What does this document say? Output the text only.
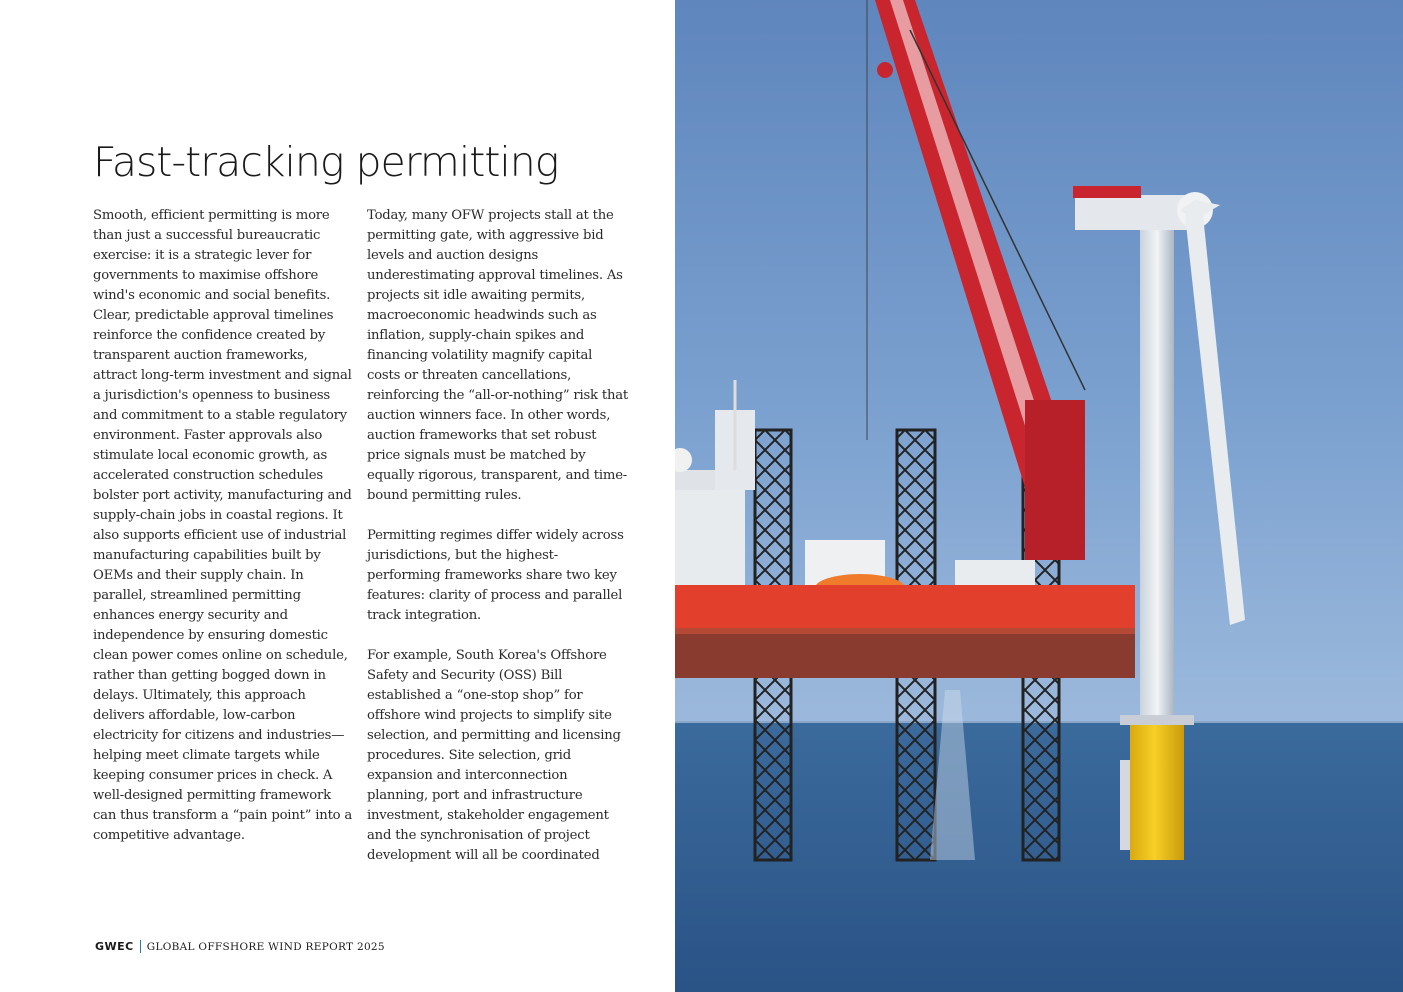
Fast-tracking permitting

Smooth, efficient permitting is more than just a successful bureaucratic exercise: it is a strategic lever for governments to maximise offshore wind's economic and social benefits. Clear, predictable approval timelines reinforce the confidence created by transparent auction frameworks, attract long-term investment and signal a jurisdiction's openness to business and commitment to a stable regulatory environment. Faster approvals also stimulate local economic growth, as accelerated construction schedules bolster port activity, manufacturing and supply-chain jobs in coastal regions. It also supports efficient use of industrial manufacturing capabilities built by OEMs and their supply chain. In parallel, streamlined permitting enhances energy security and independence by ensuring domestic clean power comes online on schedule, rather than getting bogged down in delays. Ultimately, this approach delivers affordable, low-carbon electricity for citizens and industries—helping meet climate targets while keeping consumer prices in check. A well-designed permitting framework can thus transform a “pain point” into a competitive advantage.

Today, many OFW projects stall at the permitting gate, with aggressive bid levels and auction designs underestimating approval timelines. As projects sit idle awaiting permits, macroeconomic headwinds such as inflation, supply-chain spikes and financing volatility magnify capital costs or threaten cancellations, reinforcing the “all-or-nothing” risk that auction winners face. In other words, auction frameworks that set robust price signals must be matched by equally rigorous, transparent, and time-bound permitting rules.

Permitting regimes differ widely across jurisdictions, but the highest-performing frameworks share two key features: clarity of process and parallel track integration.

For example, South Korea's Offshore Safety and Security (OSS) Bill established a “one-stop shop” for offshore wind projects to simplify site selection, and permitting and licensing procedures. Site selection, grid expansion and interconnection planning, port and infrastructure investment, stakeholder engagement and the synchronisation of project development will all be coordinated

GWEC GLOBAL OFFSHORE WIND REPORT 2025
